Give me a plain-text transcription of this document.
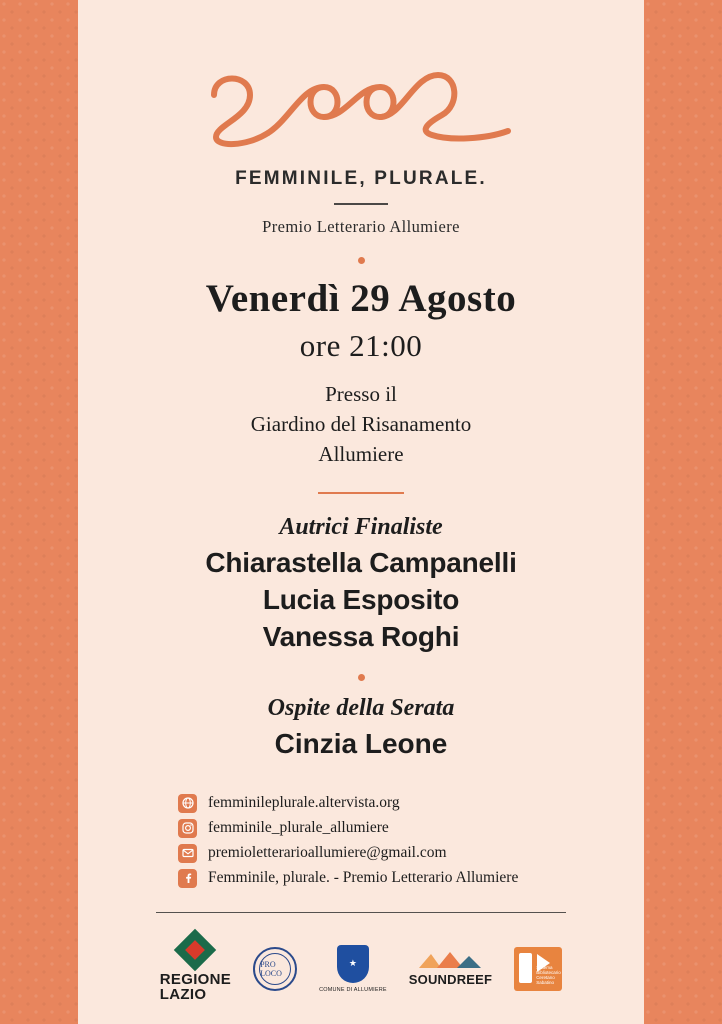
FEMMINILE, PLURALE.
Premio Letterario Allumiere
Venerdì 29 Agosto
ore 21:00
Presso il
Giardino del Risanamento
Allumiere
Autrici Finaliste
Chiarastella Campanelli
Lucia Esposito
Vanessa Roghi
Ospite della Serata
Cinzia Leone
femminileplurale.altervista.org
femminile_plurale_allumiere
premioletterarioallumiere@gmail.com
Femminile, plurale. - Premio Letterario Allumiere
REGIONE
LAZIO
PRO LOCO
★
COMUNE DI ALLUMIERE
SOUNDREEF
Sistema Bibliotecario Ceretano Sabatino
